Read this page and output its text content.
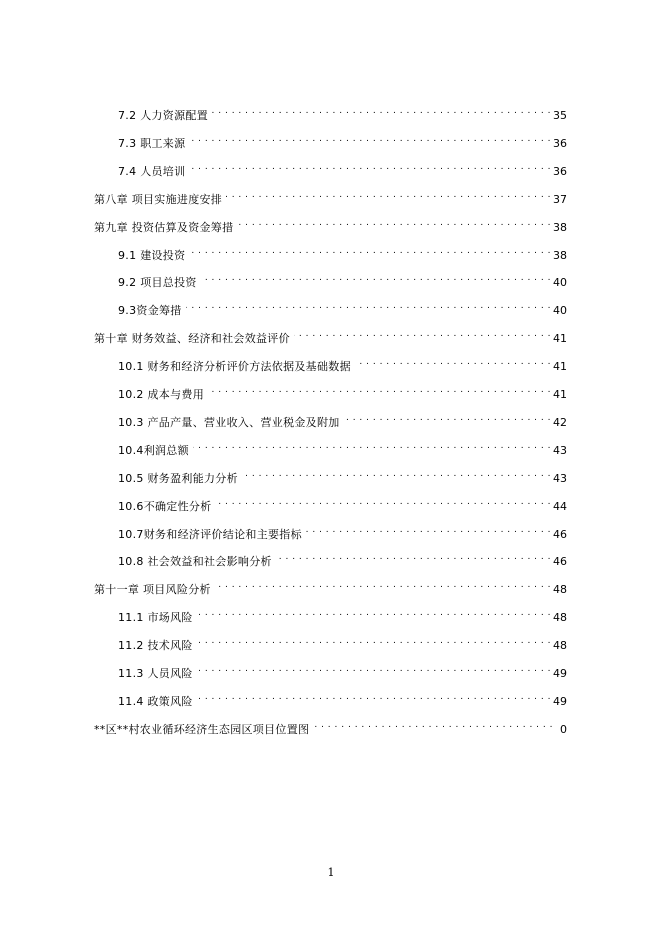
7.2 人力资源配置 . . .	35
7.3 职工来源 . . .	36
7.4 人员培训 . . .	36
第八章 项目实施进度安排 . . .	37
第九章 投资估算及资金筹措 . . .	38
9.1 建设投资 . . .	38
9.2 项目总投资 . . .	40
9.3资金筹措 . . .	40
第十章 财务效益、经济和社会效益评价 . . .	41
10.1 财务和经济分析评价方法依据及基础数据 . . .	41
10.2 成本与费用 . . .	41
10.3 产品产量、营业收入、营业税金及附加 . . .	42
10.4利润总额 . . .	43
10.5 财务盈利能力分析 . . .	43
10.6不确定性分析 . . .	44
10.7财务和经济评价结论和主要指标 . . .	46
10.8 社会效益和社会影响分析 . . .	46
第十一章 项目风险分析 . . .	48
11.1 市场风险 . . .	48
11.2 技术风险 . . .	48
11.3 人员风险 . . .	49
11.4 政策风险 . . .	49
**区**村农业循环经济生态园区项目位置图 . . .	0
1
